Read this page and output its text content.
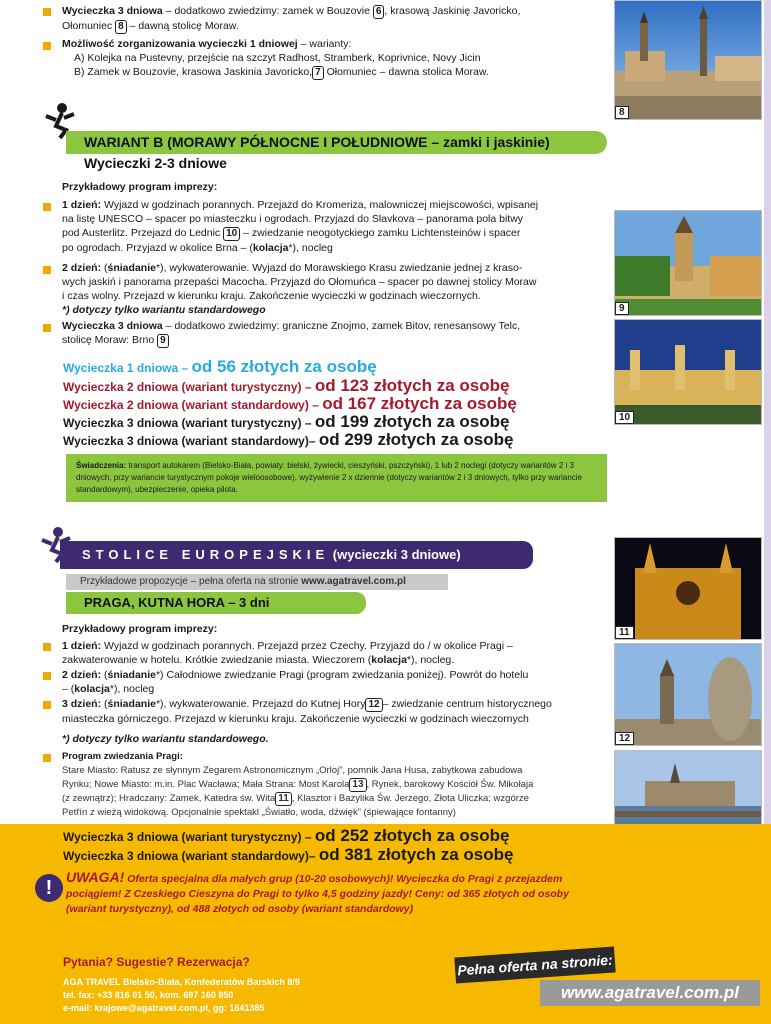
Wycieczka 3 dniowa – dodatkowo zwiedzimy: zamek w Bouzovie 6 , krasową Jaskinię Javoricko,
Ołomuniec 8 – dawną stolicę Moraw.
Możliwość zorganizowania wycieczki 1 dniowej – warianty:
A) Kolejka na Pustevny, przejście na szczyt Radhost, Stramberk, Koprivnice, Novy Jicin
B) Zamek w Bouzovie, krasowa Jaskinia Javoricko, 7 Ołomuniec – dawna stolica Moraw.
8
WARIANT B (MORAWY PÓŁNOCNE I POŁUDNIOWE – zamki i jaskinie)
Wycieczki 2-3 dniowe
Przykładowy program imprezy:
1 dzień: Wyjazd w godzinach porannych. Przejazd do Kromeriza, malowniczej miejscowości, wpisanej
na listę UNESCO – spacer po miasteczku i ogrodach. Przyjazd do Slavkova – panorama pola bitwy
pod Austerlitz. Przejazd do Lednic 10 – zwiedzanie neogotyckiego zamku Lichtensteinów i spacer
po ogrodach. Przyjazd w okolice Brna – (kolacja*), nocleg
2 dzień: (śniadanie*), wykwaterowanie. Wyjazd do Morawskiego Krasu zwiedzanie jednej z kraso-
wych jaskiń i panorama przepaści Macocha. Przyjazd do Ołomuńca – spacer po dawnej stolicy Moraw
i czas wolny. Przejazd w kierunku kraju. Zakończenie wycieczki w godzinach wieczornych.
*) dotyczy tylko wariantu standardowego
Wycieczka 3 dniowa – dodatkowo zwiedzimy: graniczne Znojmo, zamek Bitov, renesansowy Telc,
stolicę Moraw: Brno 9
Wycieczka 1 dniowa – od 56 złotych za osobę
Wycieczka 2 dniowa (wariant turystyczny) – od 123 złotych za osobę
Wycieczka 2 dniowa (wariant standardowy) – od 167 złotych za osobę
Wycieczka 3 dniowa (wariant turystyczny) – od 199 złotych za osobę
Wycieczka 3 dniowa (wariant standardowy)– od 299 złotych za osobę
Świadczenia: transport autokarem (Bielsko-Biała, powiaty: bielski, żywiecki, cieszyński, pszczyński), 1 lub 2 noclegi (dotyczy wariantów 2 i 3 dniowych, przy wariancie turystycznym pokoje wieloosobowe), wyżywienie 2 x dziennie (dotyczy wariantów 2 i 3 dniowych, tylko przy wariancie standardowym), ubezpieczenie, opieka pilota.
9
10
STOLICE EUROPEJSKIE (wycieczki 3 dniowe)
Przykładowe propozycje – pełna oferta na stronie www.agatravel.com.pl
PRAGA, KUTNA HORA – 3 dni
Przykładowy program imprezy:
1 dzień: Wyjazd w godzinach porannych. Przejazd przez Czechy. Przyjazd do / w okolice Pragi –
zakwaterowanie w hotelu. Krótkie zwiedzanie miasta. Wieczorem (kolacja*), nocleg.
2 dzień: (śniadanie*) Całodniowe zwiedzanie Pragi (program zwiedzania poniżej). Powrót do hotelu
– (kolacja*), nocleg
3 dzień: (śniadanie*), wykwaterowanie. Przejazd do Kutnej Hory 12 – zwiedzanie centrum historycznego
miasteczka górniczego. Przejazd w kierunku kraju. Zakończenie wycieczki w godzinach wieczornych
*) dotyczy tylko wariantu standardowego.
Program zwiedzania Pragi:
Stare Miasto: Ratusz ze słynnym Zegarem Astronomicznym „Orloj”, pomnik Jana Husa, zabytkowa zabudowa
Rynku; Nowe Miasto: m.in. Plac Wacława; Mała Strana: Most Karola 13 , Rynek, barokowy Kościół Św. Mikołaja
(z zewnątrz); Hradczany: Zamek, Katedra św. Wita 11 , Klasztor i Bazylika Św. Jerzego, Złota Uliczka; wzgórze
Petřín z wieżą widokową. Opcjonalnie spektakl „Światło, woda, dźwięk” (śpiewające fontanny)
11
12
Wycieczka 3 dniowa (wariant turystyczny) – od 252 złotych za osobę
Wycieczka 3 dniowa (wariant standardowy)– od 381 złotych za osobę
! UWAGA! Oferta specjalna dla małych grup (10-20 osobowych)! Wycieczka do Pragi z przejazdem pociągiem! Z Czeskiego Cieszyna do Pragi to tylko 4,5 godziny jazdy! Ceny: od 365 złotych od osoby (wariant turystyczny), od 488 złotych od osoby (wariant standardowy)
Pytania? Sugestie? Rezerwacja?
AGA TRAVEL Bielsko-Biała, Konfederatów Barskich 8/9
tel. fax: +33 816 01 50, kom. 697 160 850
e-mail: krajowe@agatravel.com.pl, gg: 1641385
Pełna oferta na stronie:
www.agatravel.com.pl
